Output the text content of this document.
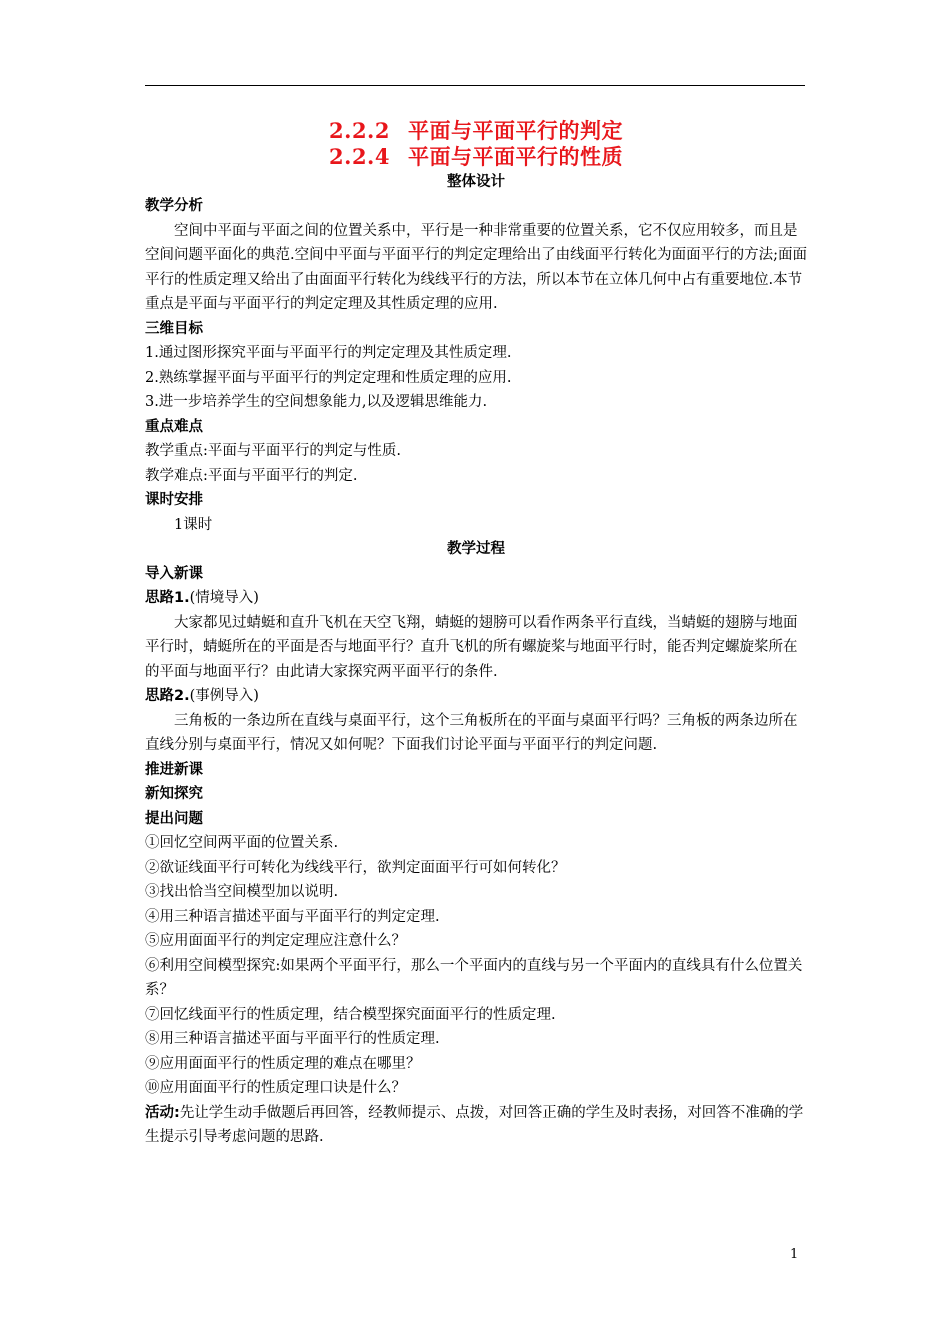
2.2.2 平面与平面平行的判定
2.2.4 平面与平面平行的性质
整体设计
教学分析

空间中平面与平面之间的位置关系中，平行是一种非常重要的位置关系，它不仅应用较多，而且是空间问题平面化的典范.空间中平面与平面平行的判定定理给出了由线面平行转化为面面平行的方法;面面平行的性质定理又给出了由面面平行转化为线线平行的方法，所以本节在立体几何中占有重要地位.本节重点是平面与平面平行的判定定理及其性质定理的应用.

三维目标

1.通过图形探究平面与平面平行的判定定理及其性质定理.

2.熟练掌握平面与平面平行的判定定理和性质定理的应用.

3.进一步培养学生的空间想象能力,以及逻辑思维能力.

重点难点

教学重点:平面与平面平行的判定与性质.

教学难点:平面与平面平行的判定.

课时安排

1课时

教学过程
导入新课

思路1.(情境导入)

大家都见过蜻蜓和直升飞机在天空飞翔，蜻蜓的翅膀可以看作两条平行直线，当蜻蜓的翅膀与地面平行时，蜻蜓所在的平面是否与地面平行？直升飞机的所有螺旋桨与地面平行时，能否判定螺旋桨所在的平面与地面平行？由此请大家探究两平面平行的条件.

思路2.(事例导入)

三角板的一条边所在直线与桌面平行，这个三角板所在的平面与桌面平行吗？三角板的两条边所在直线分别与桌面平行，情况又如何呢？下面我们讨论平面与平面平行的判定问题.

推进新课
新知探究
提出问题

①回忆空间两平面的位置关系.

②欲证线面平行可转化为线线平行，欲判定面面平行可如何转化？

③找出恰当空间模型加以说明.

④用三种语言描述平面与平面平行的判定定理.

⑤应用面面平行的判定定理应注意什么？

⑥利用空间模型探究:如果两个平面平行，那么一个平面内的直线与另一个平面内的直线具有什么位置关系？

⑦回忆线面平行的性质定理，结合模型探究面面平行的性质定理.

⑧用三种语言描述平面与平面平行的性质定理.

⑨应用面面平行的性质定理的难点在哪里？

⑩应用面面平行的性质定理口诀是什么？

活动:先让学生动手做题后再回答，经教师提示、点拨，对回答正确的学生及时表扬，对回答不准确的学生提示引导考虑问题的思路.

1
